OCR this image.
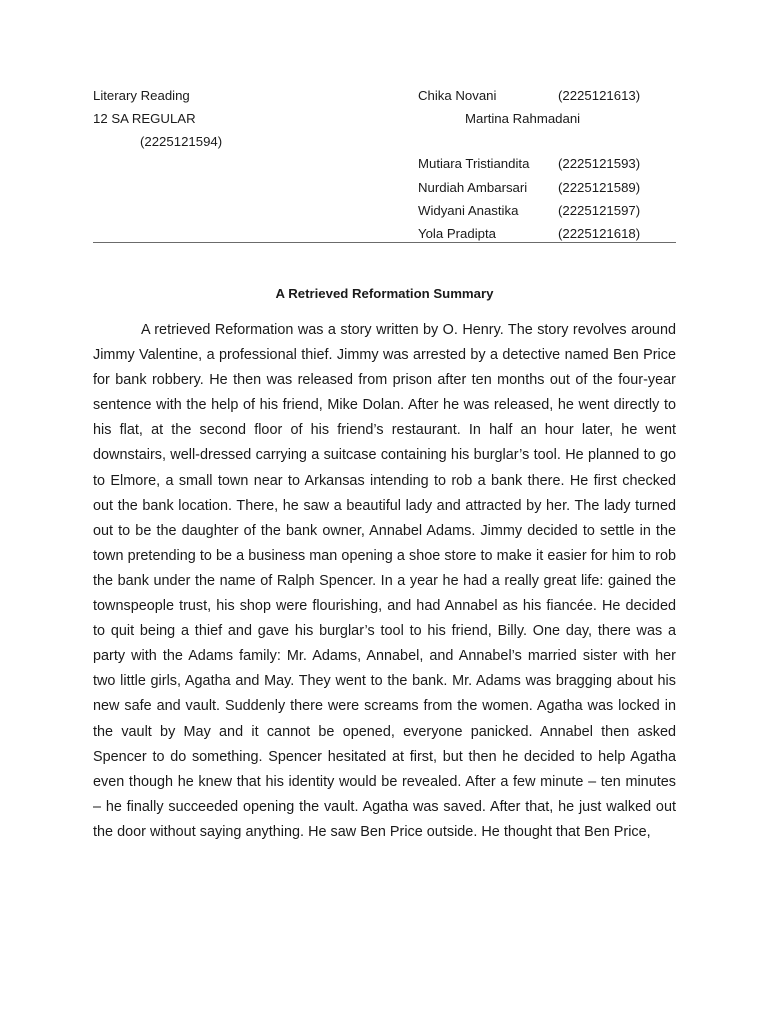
Literary Reading
12 SA REGULAR
(2225121594)
Chika Novani	(2225121613)
Martina Rahmadani
Mutiara Tristiandita (2225121593)
Nurdiah Ambarsari (2225121589)
Widyani Anastika	(2225121597)
Yola Pradipta	(2225121618)
A Retrieved Reformation Summary

A retrieved Reformation was a story written by O. Henry. The story revolves around Jimmy Valentine, a professional thief. Jimmy was arrested by a detective named Ben Price for bank robbery. He then was released from prison after ten months out of the four-year sentence with the help of his friend, Mike Dolan. After he was released, he went directly to his flat, at the second floor of his friend’s restaurant. In half an hour later, he went downstairs, well-dressed carrying a suitcase containing his burglar’s tool. He planned to go to Elmore, a small town near to Arkansas intending to rob a bank there. He first checked out the bank location. There, he saw a beautiful lady and attracted by her. The lady turned out to be the daughter of the bank owner, Annabel Adams. Jimmy decided to settle in the town pretending to be a business man opening a shoe store to make it easier for him to rob the bank under the name of Ralph Spencer. In a year he had a really great life: gained the townspeople trust, his shop were flourishing, and had Annabel as his fiancée. He decided to quit being a thief and gave his burglar’s tool to his friend, Billy. One day, there was a party with the Adams family: Mr. Adams, Annabel, and Annabel’s married sister with her two little girls, Agatha and May. They went to the bank. Mr. Adams was bragging about his new safe and vault. Suddenly there were screams from the women. Agatha was locked in the vault by May and it cannot be opened, everyone panicked. Annabel then asked Spencer to do something. Spencer hesitated at first, but then he decided to help Agatha even though he knew that his identity would be revealed. After a few minute – ten minutes – he finally succeeded opening the vault. Agatha was saved. After that, he just walked out the door without saying anything. He saw Ben Price outside. He thought that Ben Price,
